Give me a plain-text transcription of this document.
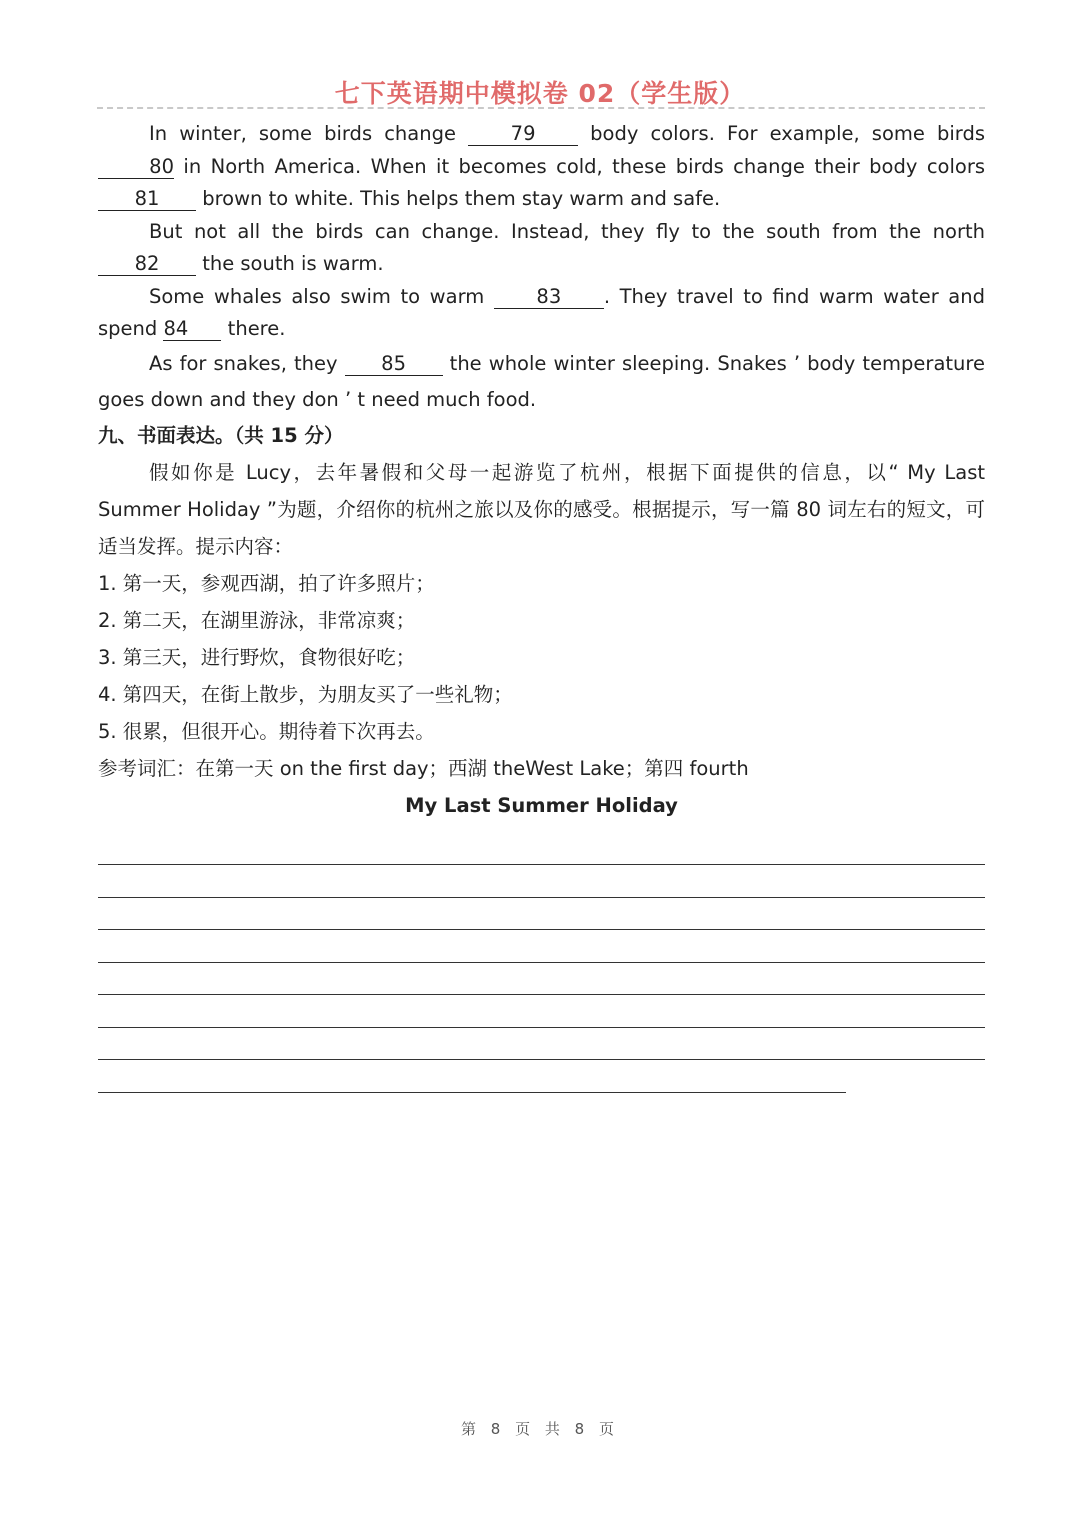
七下英语期中模拟卷 02（学生版）

In winter, some birds change 79 body colors. For example, some birds 80 in North America. When it becomes cold, these birds change their body colors 81 brown to white. This helps them stay warm and safe.

But not all the birds can change. Instead, they fly to the south from the north 82 the south is warm.

Some whales also swim to warm 83 . They travel to find warm water and spend 84 there.

As for snakes, they 85 the whole winter sleeping. Snakes ’ body temperature goes down and they don ’ t need much food.

九、书面表达。（共 15 分）

假如你是 Lucy，去年暑假和父母一起游览了杭州，根据下面提供的信息，以“ My Last Summer Holiday ”为题，介绍你的杭州之旅以及你的感受。根据提示，写一篇 80 词左右的短文，可适当发挥。提示内容：

1. 第一天，参观西湖，拍了许多照片；
2. 第二天，在湖里游泳，非常凉爽；
3. 第三天，进行野炊，食物很好吃；
4. 第四天，在街上散步，为朋友买了一些礼物；
5. 很累，但很开心。期待着下次再去。
参考词汇：在第一天 on the first day；西湖 theWest Lake；第四 fourth
My Last Summer Holiday
第 8 页 共 8 页
